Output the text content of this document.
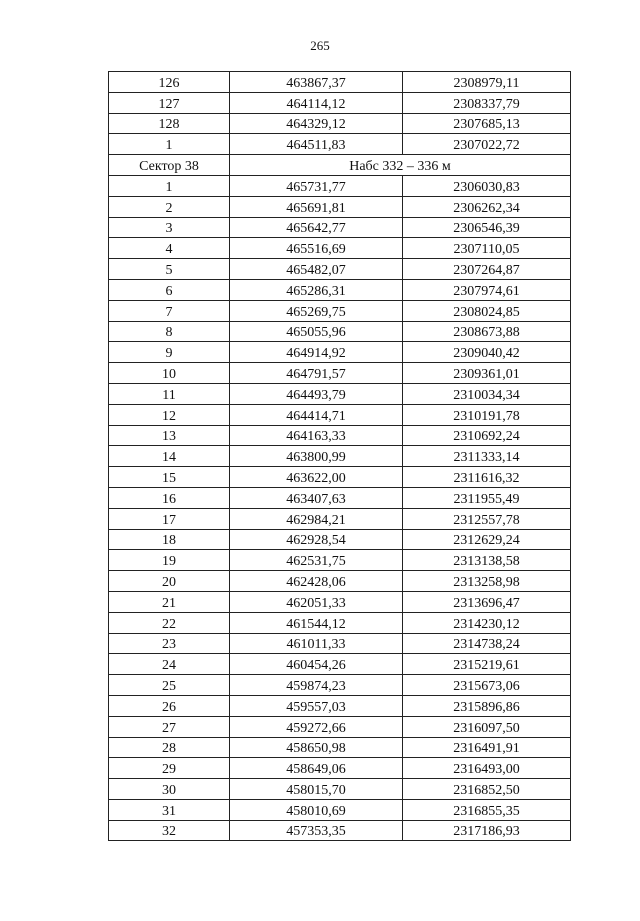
265
126	463867,37	2308979,11
127	464114,12	2308337,79
128	464329,12	2307685,13
1	464511,83	2307022,72
Сектор 38	Набс 332 – 336 м	
1	465731,77	2306030,83
2	465691,81	2306262,34
3	465642,77	2306546,39
4	465516,69	2307110,05
5	465482,07	2307264,87
6	465286,31	2307974,61
7	465269,75	2308024,85
8	465055,96	2308673,88
9	464914,92	2309040,42
10	464791,57	2309361,01
11	464493,79	2310034,34
12	464414,71	2310191,78
13	464163,33	2310692,24
14	463800,99	2311333,14
15	463622,00	2311616,32
16	463407,63	2311955,49
17	462984,21	2312557,78
18	462928,54	2312629,24
19	462531,75	2313138,58
20	462428,06	2313258,98
21	462051,33	2313696,47
22	461544,12	2314230,12
23	461011,33	2314738,24
24	460454,26	2315219,61
25	459874,23	2315673,06
26	459557,03	2315896,86
27	459272,66	2316097,50
28	458650,98	2316491,91
29	458649,06	2316493,00
30	458015,70	2316852,50
31	458010,69	2316855,35
32	457353,35	2317186,93
